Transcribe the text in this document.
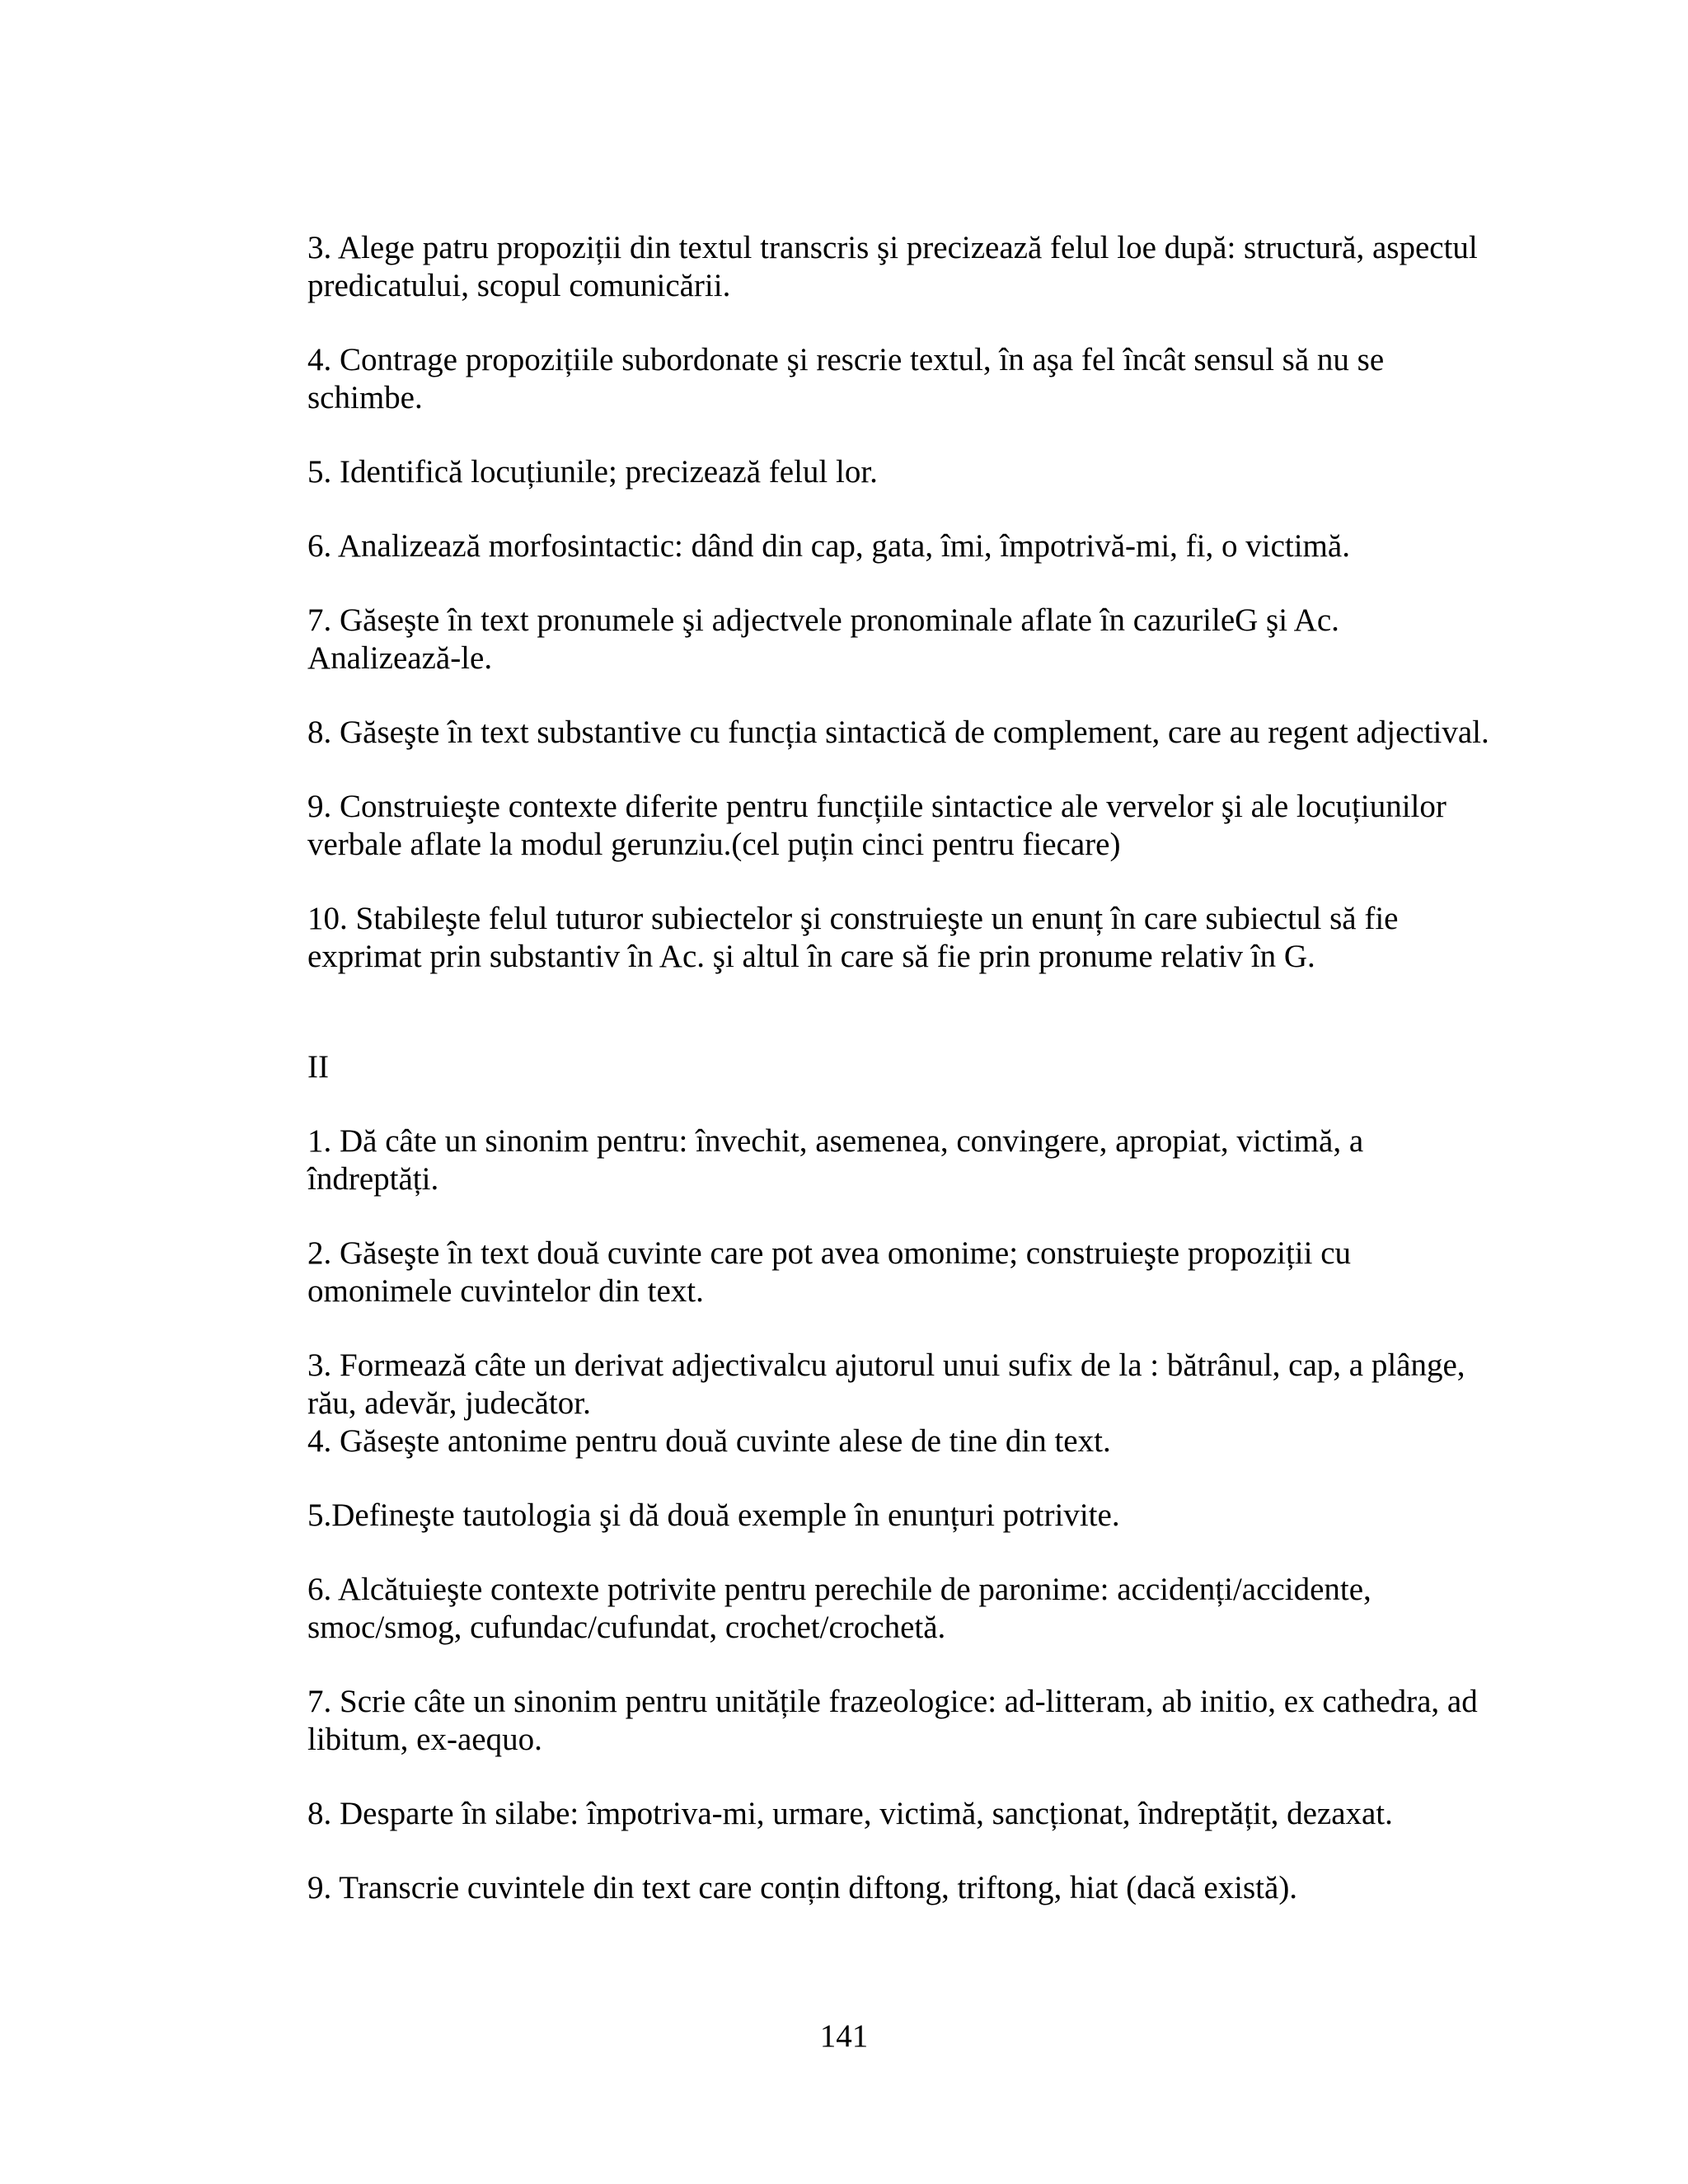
3. Alege patru propoziții din textul transcris şi precizează felul loe după: structură, aspectul predicatului, scopul comunicării.

4. Contrage propozițiile subordonate şi rescrie textul, în aşa fel încât sensul să nu se schimbe.

5. Identifică locuțiunile; precizează felul lor.

6. Analizează morfosintactic: dând din cap, gata, îmi, împotrivă-mi, fi, o victimă.

7. Găseşte în text pronumele şi adjectvele pronominale aflate în cazurileG şi Ac. Analizează-le.

8. Găseşte în text substantive cu funcția sintactică de complement, care au regent adjectival.

9. Construieşte contexte diferite pentru funcțiile sintactice ale vervelor şi ale locuțiunilor verbale aflate la modul gerunziu.(cel puțin cinci pentru fiecare)

10. Stabileşte felul tuturor subiectelor şi construieşte un enunț în care subiectul să fie exprimat prin substantiv în Ac. şi altul în care să fie prin pronume relativ în G.

II

1. Dă câte un sinonim pentru: învechit, asemenea, convingere, apropiat, victimă, a îndreptăți.

2. Găseşte în text două cuvinte care pot avea omonime; construieşte propoziții cu omonimele cuvintelor din text.

3. Formează câte un derivat adjectivalcu ajutorul unui sufix de la : bătrânul, cap, a plânge, rău, adevăr, judecător.

4. Găseşte antonime pentru două cuvinte alese de tine din text.

5.Defineşte tautologia şi dă două exemple în enunțuri potrivite.

6. Alcătuieşte contexte potrivite pentru perechile de paronime: accidenți/accidente, smoc/smog, cufundac/cufundat, crochet/crochetă.

7. Scrie câte un sinonim pentru unitățile frazeologice: ad-litteram, ab initio, ex cathedra, ad libitum, ex-aequo.

8. Desparte în silabe: împotriva-mi, urmare, victimă, sancționat, îndreptățit, dezaxat.

9. Transcrie cuvintele din text care conțin diftong, triftong, hiat (dacă există).

141
